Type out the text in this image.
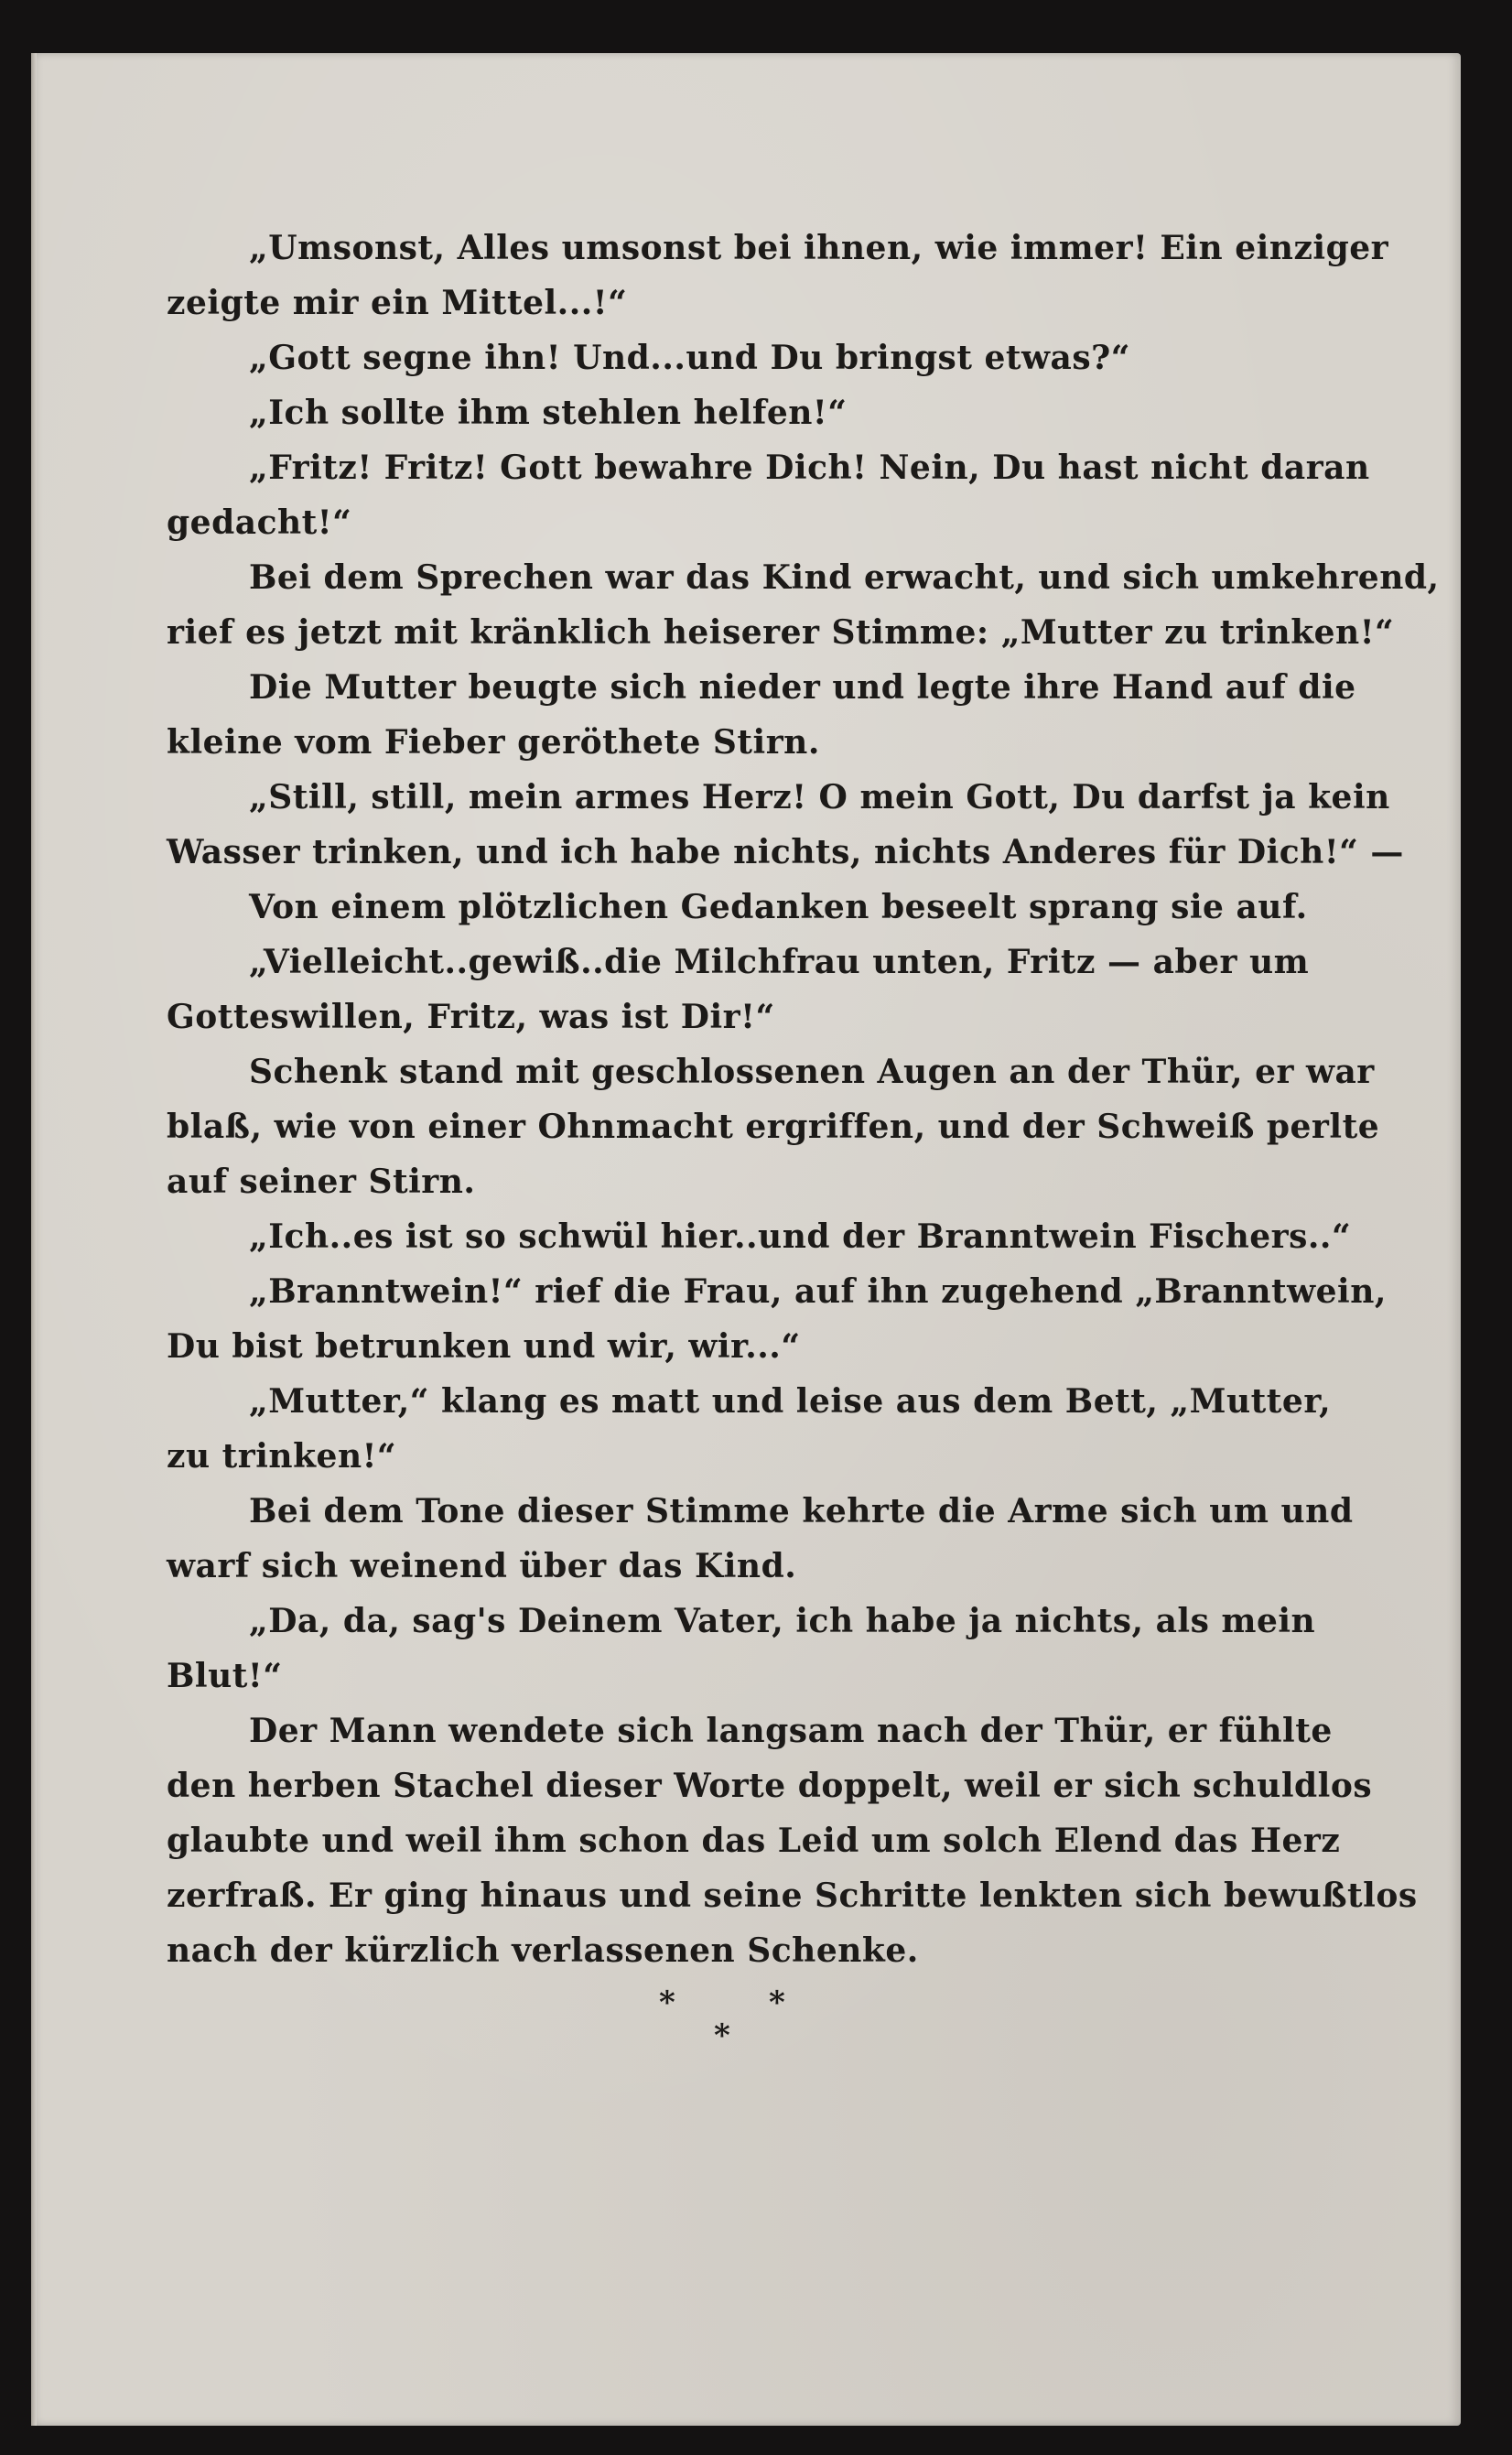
„Umsonst, Alles umsonst bei ihnen, wie immer! Ein einziger
zeigte mir ein Mittel...!“
„Gott segne ihn! Und...und Du bringst etwas?“
„Ich sollte ihm stehlen helfen!“
„Fritz! Fritz! Gott bewahre Dich! Nein, Du hast nicht daran
gedacht!“
Bei dem Sprechen war das Kind erwacht, und sich umkehrend,
rief es jetzt mit kränklich heiserer Stimme: „Mutter zu trinken!“
Die Mutter beugte sich nieder und legte ihre Hand auf die
kleine vom Fieber geröthete Stirn.
„Still, still, mein armes Herz! O mein Gott, Du darfst ja kein
Wasser trinken, und ich habe nichts, nichts Anderes für Dich!“ —
Von einem plötzlichen Gedanken beseelt sprang sie auf.
„Vielleicht..gewiß..die Milchfrau unten, Fritz — aber um
Gotteswillen, Fritz, was ist Dir!“
Schenk stand mit geschlossenen Augen an der Thür, er war
blaß, wie von einer Ohnmacht ergriffen, und der Schweiß perlte
auf seiner Stirn.
„Ich..es ist so schwül hier..und der Branntwein Fischers..“
„Branntwein!“ rief die Frau, auf ihn zugehend „Branntwein,
Du bist betrunken und wir, wir...“
„Mutter,“ klang es matt und leise aus dem Bett, „Mutter,
zu trinken!“
Bei dem Tone dieser Stimme kehrte die Arme sich um und
warf sich weinend über das Kind.
„Da, da, sag's Deinem Vater, ich habe ja nichts, als mein
Blut!“
Der Mann wendete sich langsam nach der Thür, er fühlte
den herben Stachel dieser Worte doppelt, weil er sich schuldlos
glaubte und weil ihm schon das Leid um solch Elend das Herz
zerfraß. Er ging hinaus und seine Schritte lenkten sich bewußtlos
nach der kürzlich verlassenen Schenke.
*	*
*
